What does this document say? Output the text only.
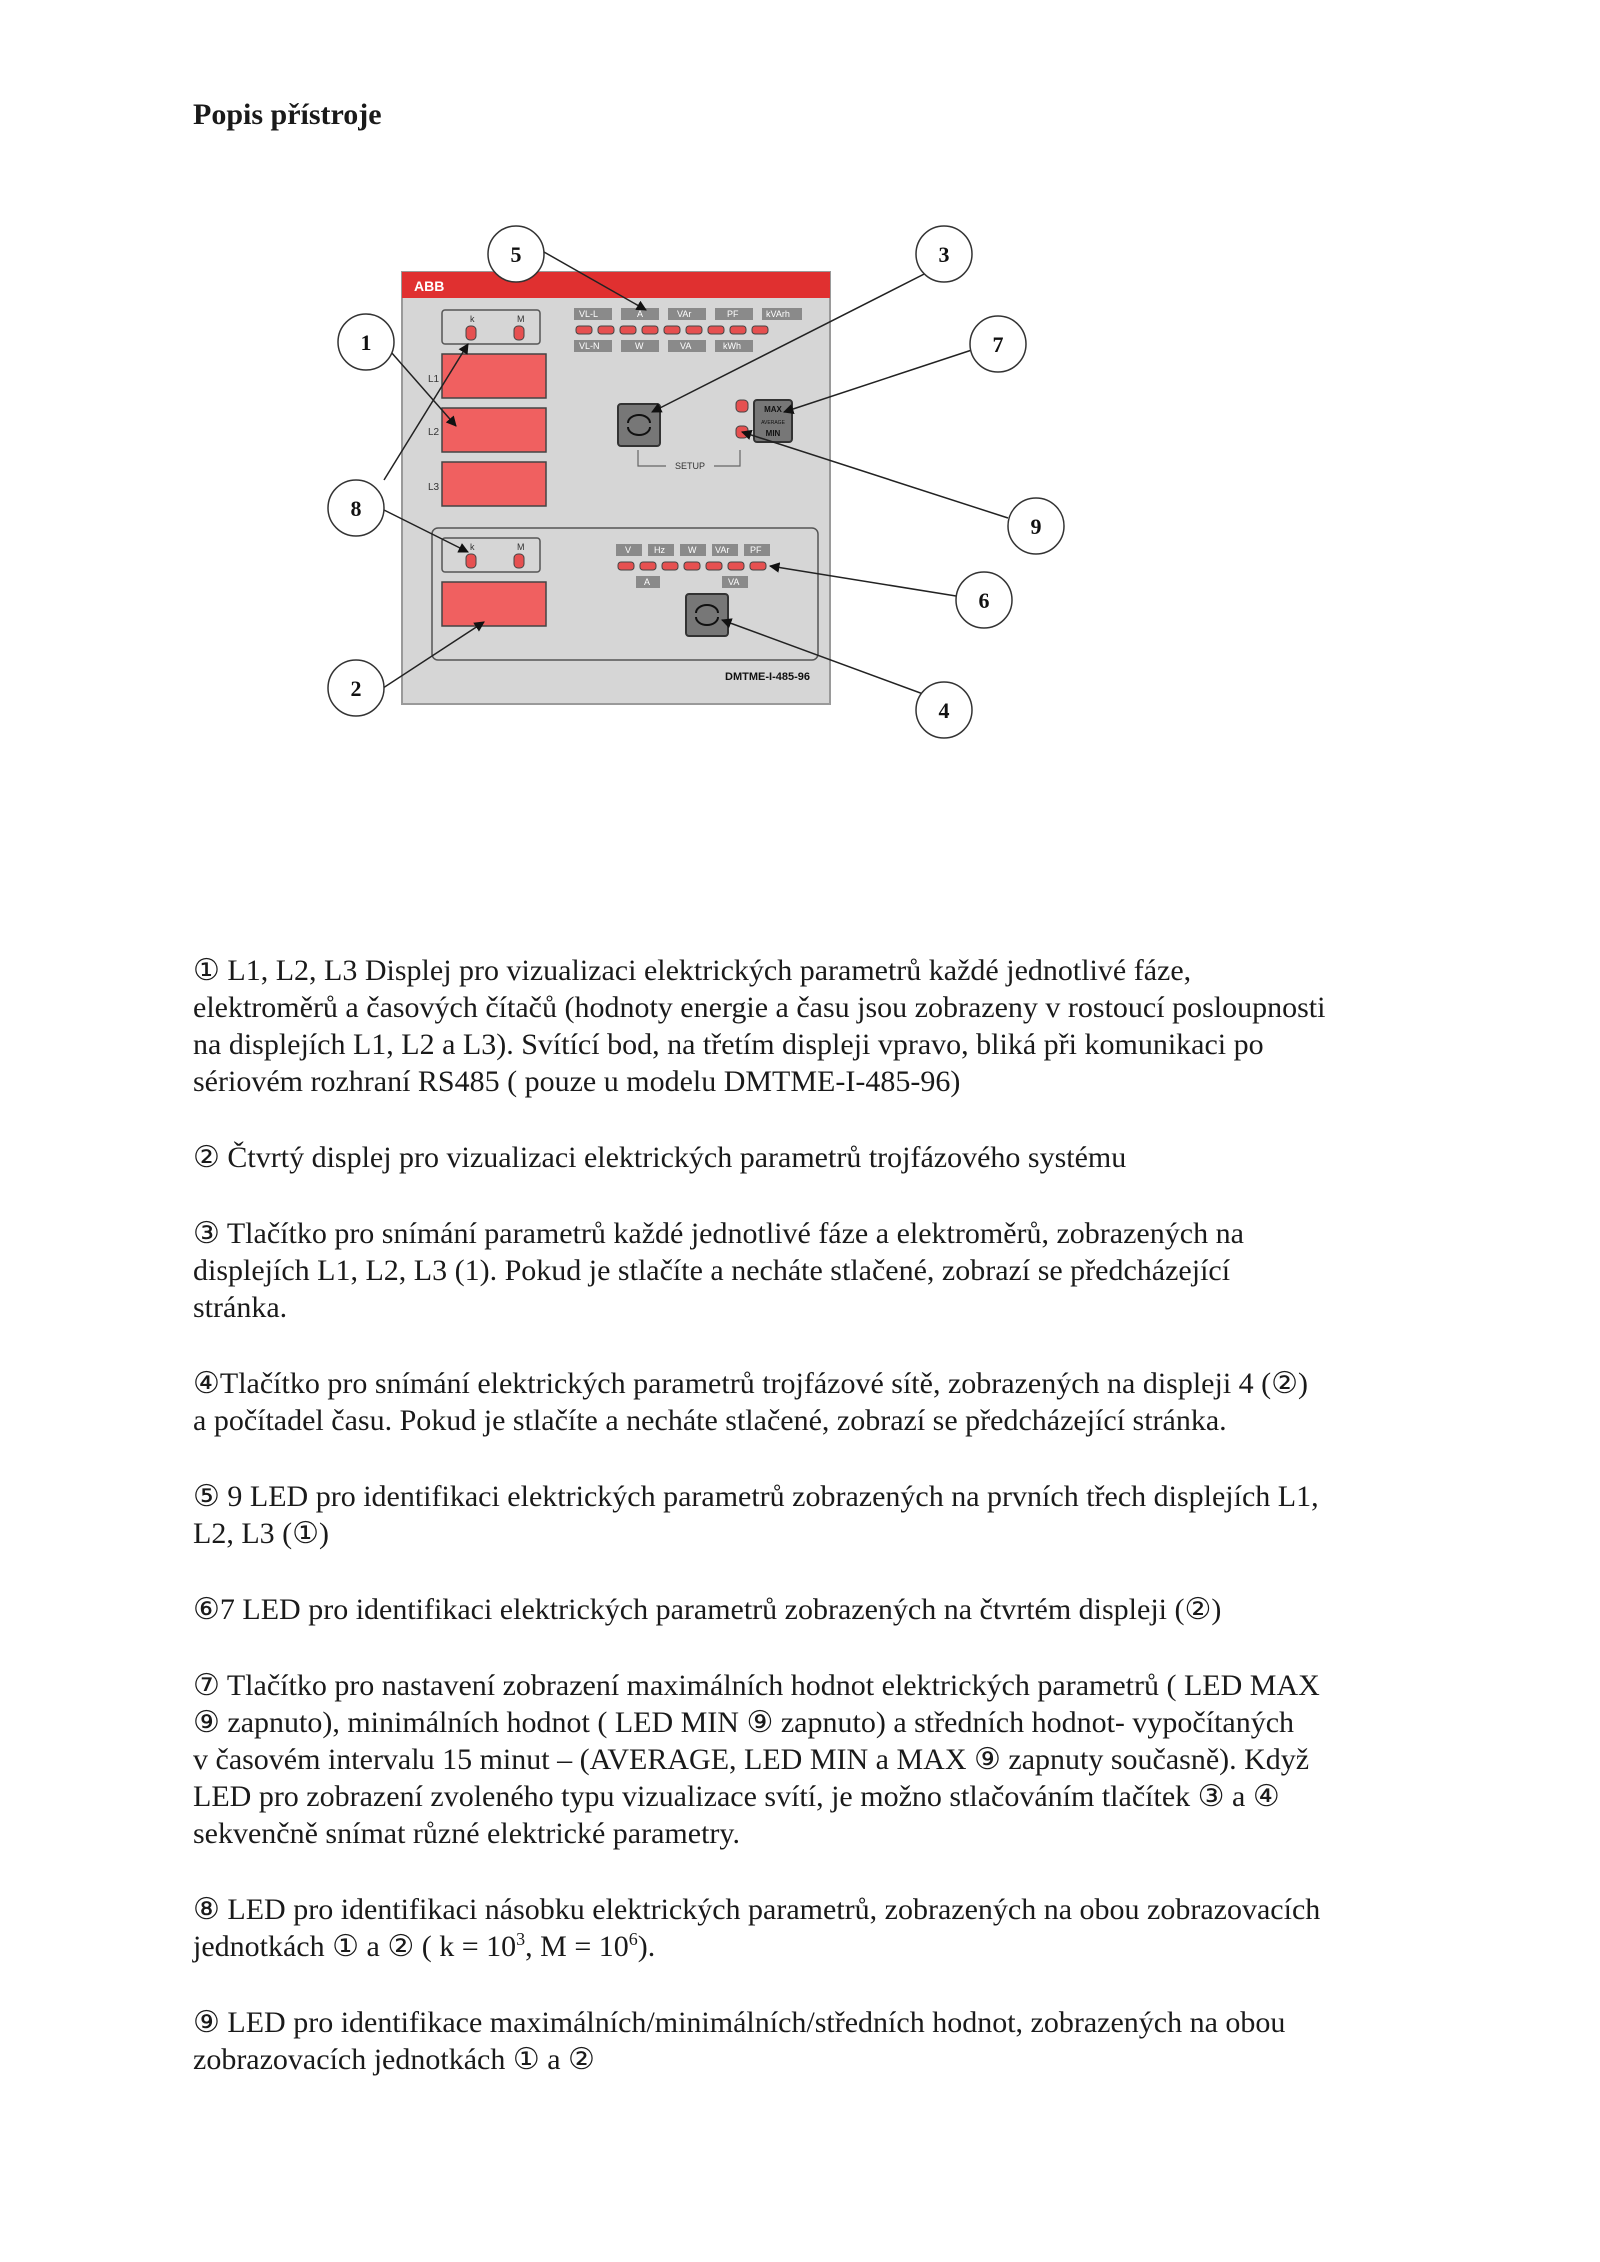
Popis přístroje
ABB
k	M
L1
L2
L3
VL-L	A	VAr	PF	kVArh
VL-N	W	VA	kWh
SETUP
MAX
AVERAGE
MIN
k	M	V	Hz	W VAr PF
A	VA
DMTME-I-485-96
1
2
3
4
5
6
7
8
9

① L1, L2, L3 Displej pro vizualizaci elektrických parametrů každé jednotlivé fáze,
elektroměrů a časových čítačů (hodnoty energie a času jsou zobrazeny v rostoucí posloupnosti
na displejích L1, L2 a L3). Svítící bod, na třetím displeji vpravo, bliká při komunikaci po
sériovém rozhraní RS485 ( pouze u modelu DMTME-I-485-96)

② Čtvrtý displej pro vizualizaci elektrických parametrů trojfázového systému

③ Tlačítko pro snímání parametrů každé jednotlivé fáze a elektroměrů, zobrazených na
displejích L1, L2, L3 (1). Pokud je stlačíte a necháte stlačené, zobrazí se předcházející
stránka.

④Tlačítko pro snímání elektrických parametrů trojfázové sítě, zobrazených na displeji 4 (②)
a počítadel času. Pokud je stlačíte a necháte stlačené, zobrazí se předcházející stránka.

⑤ 9 LED pro identifikaci elektrických parametrů zobrazených na prvních třech displejích L1,
L2, L3 (①)

⑥7 LED pro identifikaci elektrických parametrů zobrazených na čtvrtém displeji (②)

⑦ Tlačítko pro nastavení zobrazení maximálních hodnot elektrických parametrů ( LED MAX
⑨ zapnuto), minimálních hodnot ( LED MIN ⑨ zapnuto) a středních hodnot- vypočítaných
v časovém intervalu 15 minut – (AVERAGE, LED MIN a MAX ⑨ zapnuty současně). Když
LED pro zobrazení zvoleného typu vizualizace svítí, je možno stlačováním tlačítek ③ a ④
sekvenčně snímat různé elektrické parametry.

⑧ LED pro identifikaci násobku elektrických parametrů, zobrazených na obou zobrazovacích
jednotkách ① a ② ( $k = 10^3$, $M = 10^6$).

⑨ LED pro identifikace maximálních/minimálních/středních hodnot, zobrazených na obou
zobrazovacích jednotkách ① a ②
